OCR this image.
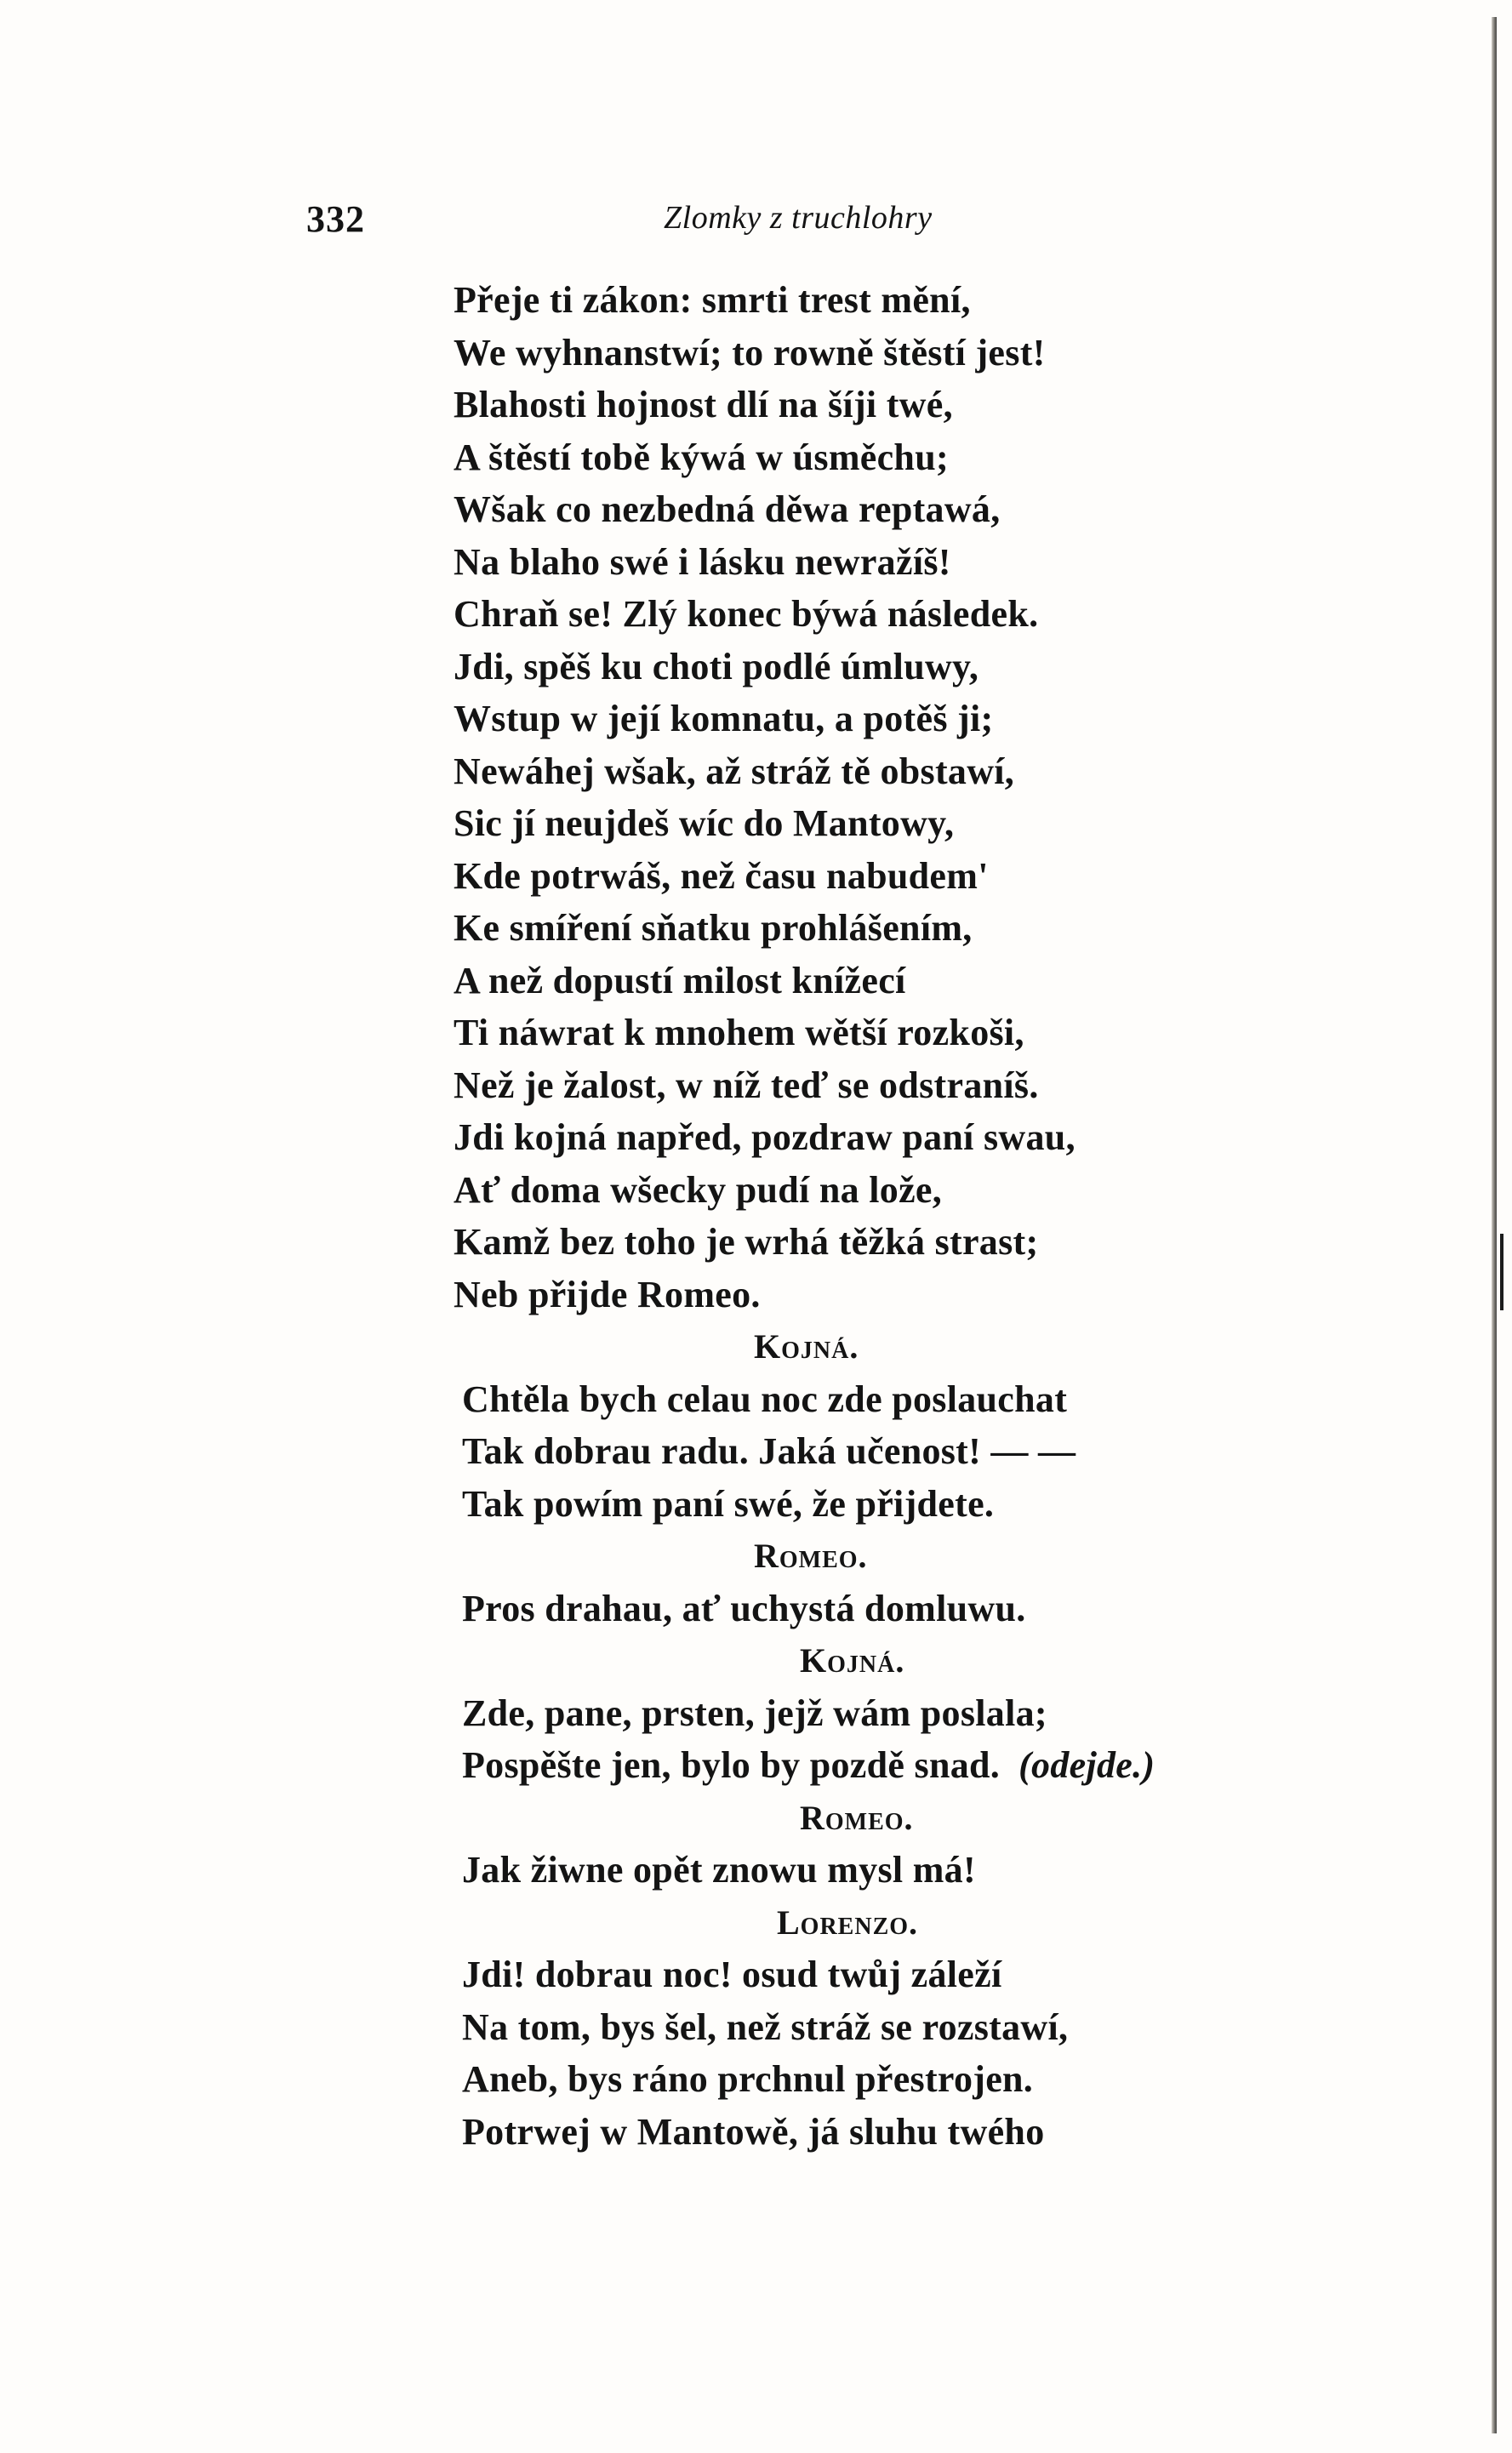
332	Zlomky z truchlohry
Přeje ti zákon: smrti trest mění,
We wyhnanstwí; to rowně štěstí jest!
Blahosti hojnost dlí na šíji twé,
A štěstí tobě kýwá w úsměchu;
Wšak co nezbedná děwa reptawá,
Na blaho swé i lásku newražíš!
Chraň se! Zlý konec býwá následek.
Jdi, spěš ku choti podlé úmluwy,
Wstup w její komnatu, a potěš ji;
Newáhej wšak, až stráž tě obstawí,
Sic jí neujdeš wíc do Mantowy,
Kde potrwáš, než času nabudem'
Ke smíření sňatku prohlášením,
A než dopustí milost knížecí
Ti náwrat k mnohem wětší rozkoši,
Než je žalost, w níž teď se odstraníš.
Jdi kojná napřed, pozdraw paní swau,
Ať doma wšecky pudí na lože,
Kamž bez toho je wrhá těžká strast;
Neb přijde Romeo.
Kojná.
Chtěla bych celau noc zde poslauchat
Tak dobrau radu. Jaká učenost! — —
Tak powím paní swé, že přijdete.
Romeo.
Pros drahau, ať uchystá domluwu.
Kojná.
Zde, pane, prsten, jejž wám poslala;
Pospěšte jen, bylo by pozdě snad. (odejde.)
Romeo.
Jak žiwne opět znowu mysl má!
Lorenzo.
Jdi! dobrau noc! osud twůj záleží
Na tom, bys šel, než stráž se rozstawí,
Aneb, bys ráno prchnul přestrojen.
Potrwej w Mantowě, já sluhu twého
